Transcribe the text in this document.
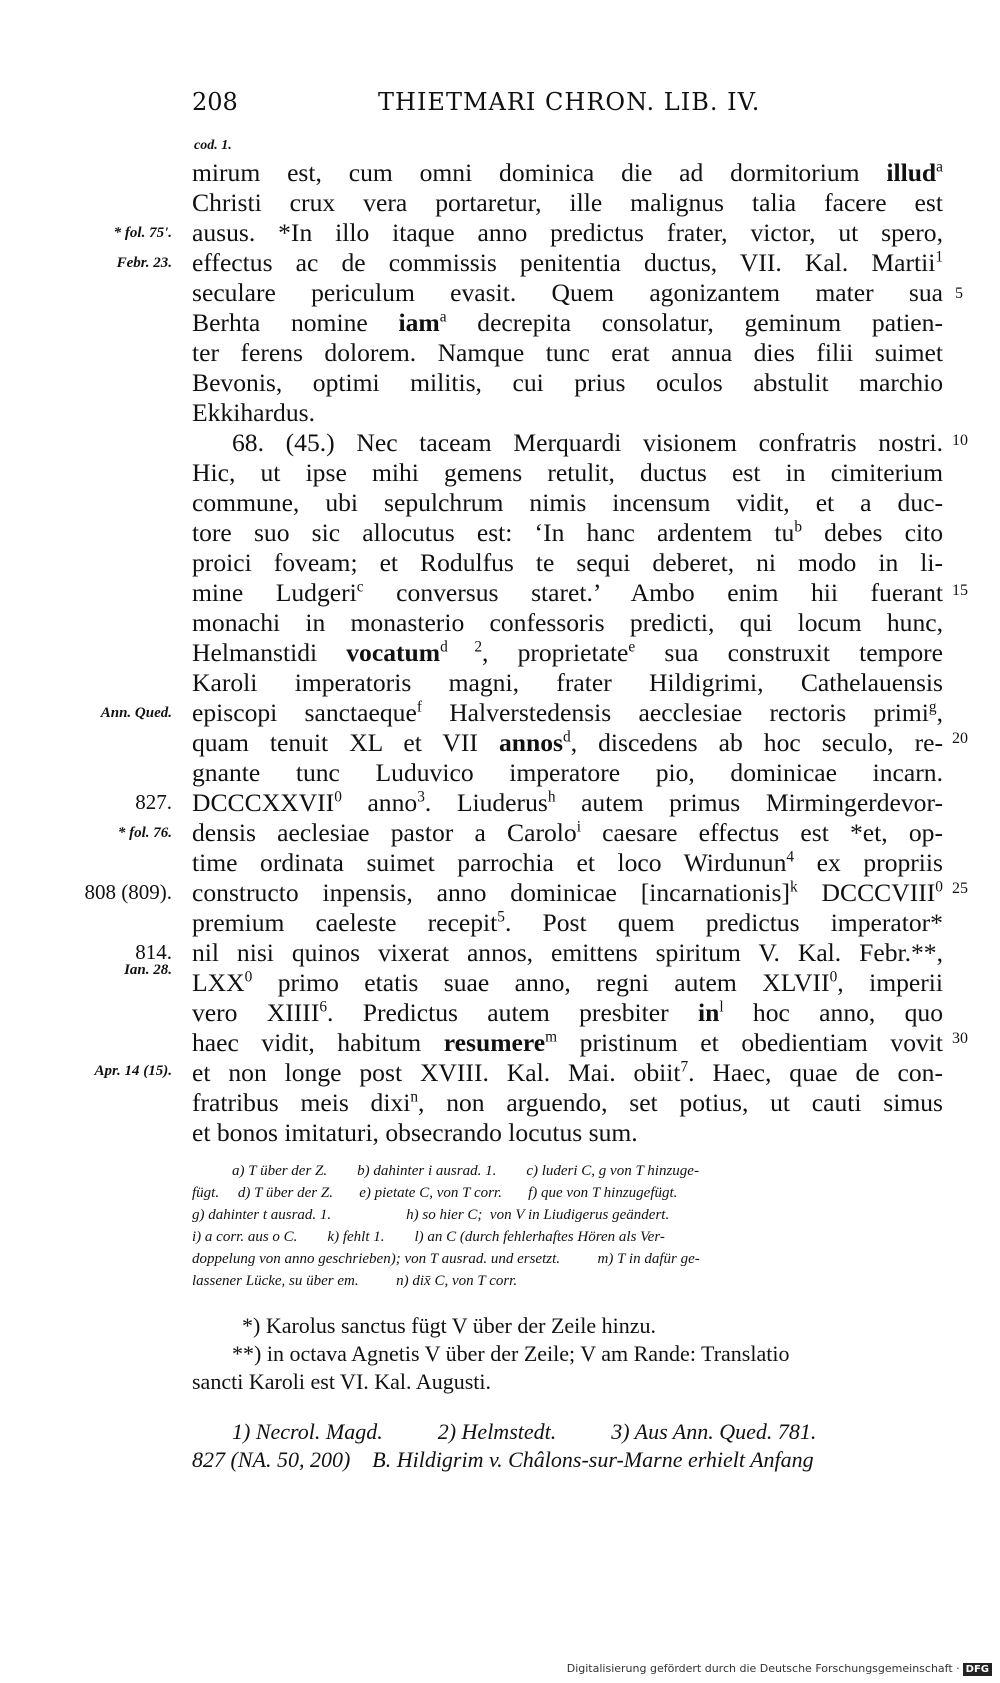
208	THIETMARI CHRON. LIB. IV.
cod. 1.
mirum est, cum omni dominica die ad dormitorium illud$^a$
Christi crux vera portaretur, ille malignus talia facere est
ausus. *In illo itaque anno predictus frater, victor, ut spero,
effectus ac de commissis penitentia ductus, VII. Kal. Martii$^1$
seculare periculum evasit. Quem agonizantem mater sua
Berhta nomine iam$^a$ decrepita consolatur, geminum patien-
ter ferens dolorem. Namque tunc erat annua dies filii suimet
Bevonis, optimi militis, cui prius oculos abstulit marchio
Ekkihardus.
68. (45.) Nec taceam Merquardi visionem confratris nostri.
Hic, ut ipse mihi gemens retulit, ductus est in cimiterium
commune, ubi sepulchrum nimis incensum vidit, et a duc-
tore suo sic allocutus est: ‘In hanc ardentem $tu^b$ debes cito
proici foveam; et Rodulfus te sequi deberet, ni modo in li-
mine Ludgeri$^c$ conversus staret.’ Ambo enim hii fuerant
monachi in monasterio confessoris predicti, qui locum hunc,
Helmanstidi vocatum$^{d 2}$, proprietate$^e$ sua construxit tempore
Karoli imperatoris magni, frater Hildigrimi, Cathelauensis
episcopi sanctaeque$^f$ Halverstedensis aecclesiae rectoris primi$^g$,
quam tenuit XL et VII annos$^d$, discedens ab hoc seculo, re-
gnante tunc Luduvico imperatore pio, dominicae incarn.
DCCCXXVII$^0$ anno$^3$. Liuderus$^h$ autem primus Mirmingerdevor-
densis aeclesiae pastor a Carolo$^i$ caesare effectus est *et, op-
time ordinata suimet parrochia et loco Wirdunun$^4$ ex propriis
constructo inpensis, anno dominicae [incarnationis]$^k$ DCCCVIII$^0$
premium caeleste recepit$^5$. Post quem predictus imperator*
nil nisi quinos vixerat annos, emittens spiritum V. Kal. Febr.**,
LXX$^0$ primo etatis suae anno, regni autem XLVII$^0$, imperii
vero XIIII$^6$. Predictus autem presbiter $in^l$ hoc anno, quo
haec vidit, habitum resumere$^m$ pristinum et obedientiam vovit
et non longe post XVIII. Kal. Mai. obiit$^7$. Haec, quae de con-
fratribus meis dixi$^n$, non arguendo, set potius, ut cauti simus
et bonos imitaturi, obsecrando locutus sum.
* fol. 75'.
Febr. 23.
Ann. Qued.
827.
* fol. 76.
808 (809).
814.
Ian. 28.
Apr. 14 (15).
5
10
15
20
25
30
a) T über der Z.        b) dahinter i ausrad. 1.        c) luderi C, g von T hinzuge-
fügt.     d) T über der Z.       e) pietate C, von T corr.       f) que von T hinzugefügt.
g) dahinter t ausrad. 1.                    h) so hier C;  von V in Liudigerus geändert.
i) a corr. aus o C.        k) fehlt 1.        l) an C (durch fehlerhaftes Hören als Ver-
doppelung von anno geschrieben); von T ausrad. und ersetzt.          m) T in dafür ge-
lassener Lücke, su über em.          n) dix̄ C, von T corr.
*) Karolus sanctus fügt V über der Zeile hinzu.
**) in octava Agnetis V über der Zeile; V am Rande: Translatio
sancti Karoli est VI. Kal. Augusti.
1) Necrol. Magd.          2) Helmstedt.          3) Aus Ann. Qued. 781.
827 (NA. 50, 200)    B. Hildigrim v. Châlons-sur-Marne erhielt Anfang
Digitalisierung gefördert durch die Deutsche Forschungsgemeinschaft · DFG
